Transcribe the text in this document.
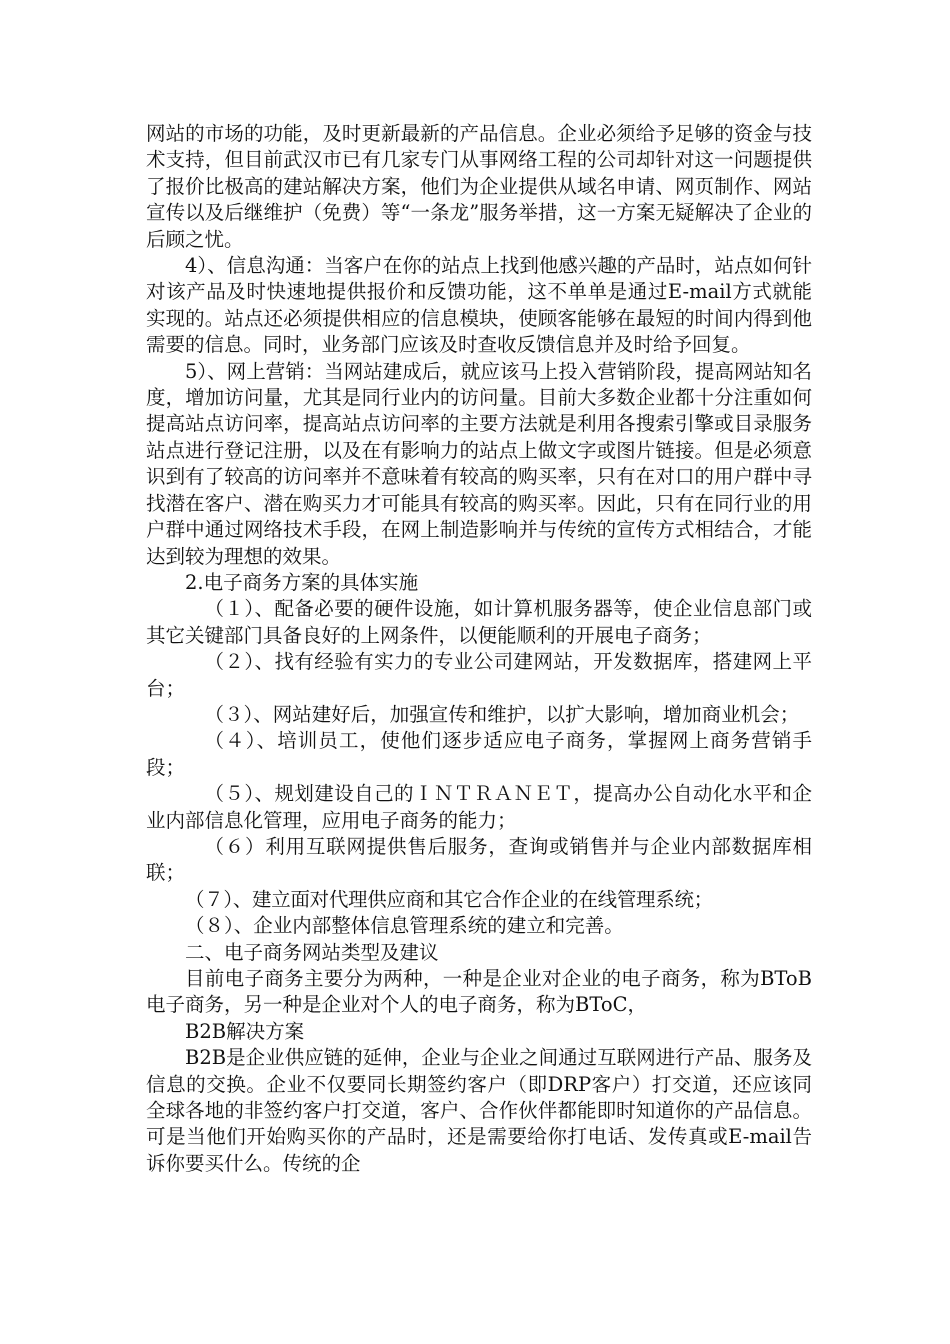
网站的市场的功能，及时更新最新的产品信息。企业必须给予足够的资金与技术支持，但目前武汉市已有几家专门从事网络工程的公司却针对这一问题提供了报价比极高的建站解决方案，他们为企业提供从域名申请、网页制作、网站宣传以及后继维护（免费）等“一条龙”服务举措，这一方案无疑解决了企业的后顾之忧。

4）、信息沟通：当客户在你的站点上找到他感兴趣的产品时，站点如何针对该产品及时快速地提供报价和反馈功能，这不单单是通过E-mail方式就能实现的。站点还必须提供相应的信息模块，使顾客能够在最短的时间内得到他需要的信息。同时，业务部门应该及时查收反馈信息并及时给予回复。

5）、网上营销：当网站建成后，就应该马上投入营销阶段，提高网站知名度，增加访问量，尤其是同行业内的访问量。目前大多数企业都十分注重如何提高站点访问率，提高站点访问率的主要方法就是利用各搜索引擎或目录服务站点进行登记注册，以及在有影响力的站点上做文字或图片链接。但是必须意识到有了较高的访问率并不意味着有较高的购买率，只有在对口的用户群中寻找潜在客户、潜在购买力才可能具有较高的购买率。因此，只有在同行业的用户群中通过网络技术手段，在网上制造影响并与传统的宣传方式相结合，才能达到较为理想的效果。

2.电子商务方案的具体实施

（１）、配备必要的硬件设施，如计算机服务器等，使企业信息部门或其它关键部门具备良好的上网条件，以便能顺利的开展电子商务；

（２）、找有经验有实力的专业公司建网站，开发数据库，搭建网上平台；

（３）、网站建好后，加强宣传和维护，以扩大影响，增加商业机会；

（４）、培训员工，使他们逐步适应电子商务，掌握网上商务营销手段；

（５）、规划建设自己的ＩＮＴＲＡＮＥＴ，提高办公自动化水平和企业内部信息化管理，应用电子商务的能力；

（６）利用互联网提供售后服务，查询或销售并与企业内部数据库相联；

（７）、建立面对代理供应商和其它合作企业的在线管理系统；

（８）、企业内部整体信息管理系统的建立和完善。

二、电子商务网站类型及建议

目前电子商务主要分为两种，一种是企业对企业的电子商务，称为BToB电子商务，另一种是企业对个人的电子商务，称为BToC，

B2B解决方案

B2B是企业供应链的延伸，企业与企业之间通过互联网进行产品、服务及信息的交换。企业不仅要同长期签约客户（即DRP客户）打交道，还应该同全球各地的非签约客户打交道，客户、合作伙伴都能即时知道你的产品信息。可是当他们开始购买你的产品时，还是需要给你打电话、发传真或E-mail告诉你要买什么。传统的企
